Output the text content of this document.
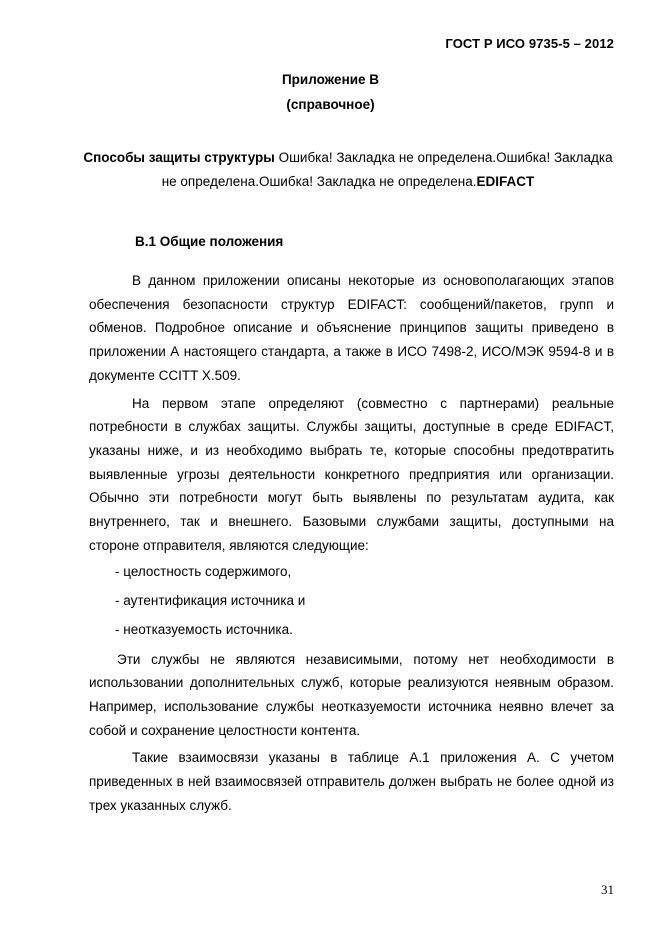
ГОСТ Р ИСО 9735-5 – 2012
Приложение В
(справочное)
Способы защиты структуры Ошибка! Закладка не определена.Ошибка! Закладка не определена.Ошибка! Закладка не определена.EDIFACT
В.1 Общие положения

В данном приложении описаны некоторые из основополагающих этапов обеспечения безопасности структур EDIFACT: сообщений/пакетов, групп и обменов. Подробное описание и объяснение принципов защиты приведено в приложении А настоящего стандарта, а также в ИСО 7498-2, ИСО/МЭК 9594-8 и в документе CCITT X.509.

На первом этапе определяют (совместно с партнерами) реальные потребности в службах защиты. Службы защиты, доступные в среде EDIFACT, указаны ниже, и из необходимо выбрать те, которые способны предотвратить выявленные угрозы деятельности конкретного предприятия или организации. Обычно эти потребности могут быть выявлены по результатам аудита, как внутреннего, так и внешнего. Базовыми службами защиты, доступными на стороне отправителя, являются следующие:

- целостность содержимого,

- аутентификация источника и

- неотказуемость источника.

Эти службы не являются независимыми, потому нет необходимости в использовании дополнительных служб, которые реализуются неявным образом. Например, использование службы неотказуемости источника неявно влечет за собой и сохранение целостности контента.

Такие взаимосвязи указаны в таблице А.1 приложения А. С учетом приведенных в ней взаимосвязей отправитель должен выбрать не более одной из трех указанных служб.

31
